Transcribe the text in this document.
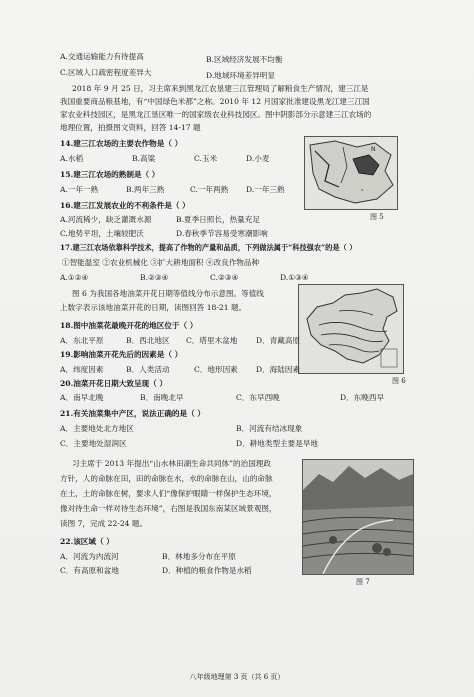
A.交通运输能力有待提高	B.区域经济发展不均衡
C.区域人口疏密程度差异大	D.地域环境差异明显
2018 年 9 月 25 日，习主席来到黑龙江农垦建三江管理局了解粮食生产情况，建三江是
我国重要商品粮基地，有“中国绿色米都”之称。2010 年 12 月国家批准建设黑龙江建三江国
家农业科技园区，是黑龙江垦区唯一的国家级农业科技园区。图中阴影部分示意建三江农场的
地理位置，拍摄图文资料，回答 14-17 题
N
°
图 5
14.建三江农场的主要农作物是（ ）
A.水稻	B.高粱	C.玉米	D.小麦
15.建三江农场的熟制是（ ）
A.一年一熟	B.两年三熟	C.一年两熟 D.一年三熟
16.建三江发展农业的不利条件是（ ）
A.河流稀少，缺乏灌溉水源	B.夏季日照长，热量充足
C.地势平坦，土壤较肥沃	D.春秋季节容易受寒潮影响
17.建三江农场依靠科学技术，提高了作物的产量和品质，下列做法属于“科技强农”的是（ ）
①智能温室 ②农业机械化 ③扩大耕地面积 ④改良作物品种
A.①②④	B.②③④	C.②③④	D.①③④
图 6 为我国各地油菜开花日期等值线分布示意图。等值线
上数字表示该地油菜开花的日期，读图回答 18-21 题。
图 6
18.图中油菜花最晚开花的地区位于（ ）
A．东北平原	B．西北地区 C．塔里木盆地 D．青藏高原
19.影响油菜开花先后的因素是（ ）
A．纬度因素	B．人类活动	C．地形因素 D．海陆因素
20.油菜开花日期大致呈现（ ）
A．南早北晚	B．南晚北早	C．东早西晚	D．东晚西早
21.有关油菜集中产区，说法正确的是（ ）
A．主要地处北方地区	B．河流有结冰现象
C．主要地处湿润区	D．耕地类型主要是旱地
习主席于 2013 年提出“山水林田湖生命共同体”的治国理政
方针，人的命脉在田，田的命脉在水，水的命脉在山，山的命脉
在土，土的命脉在树，要求人们“像保护眼睛一样保护生态环境，
像对待生命一样对待生态环境”，右图是我国东南某区域景观图，
读图 7，完成 22-24 题。
图 7
22.该区域（ ）
A．河流为内流河	B．林地多分布在平原
C．有高原和盆地	D．种植的粮食作物是水稻
八年级地理第 3 页（共 6 页）
